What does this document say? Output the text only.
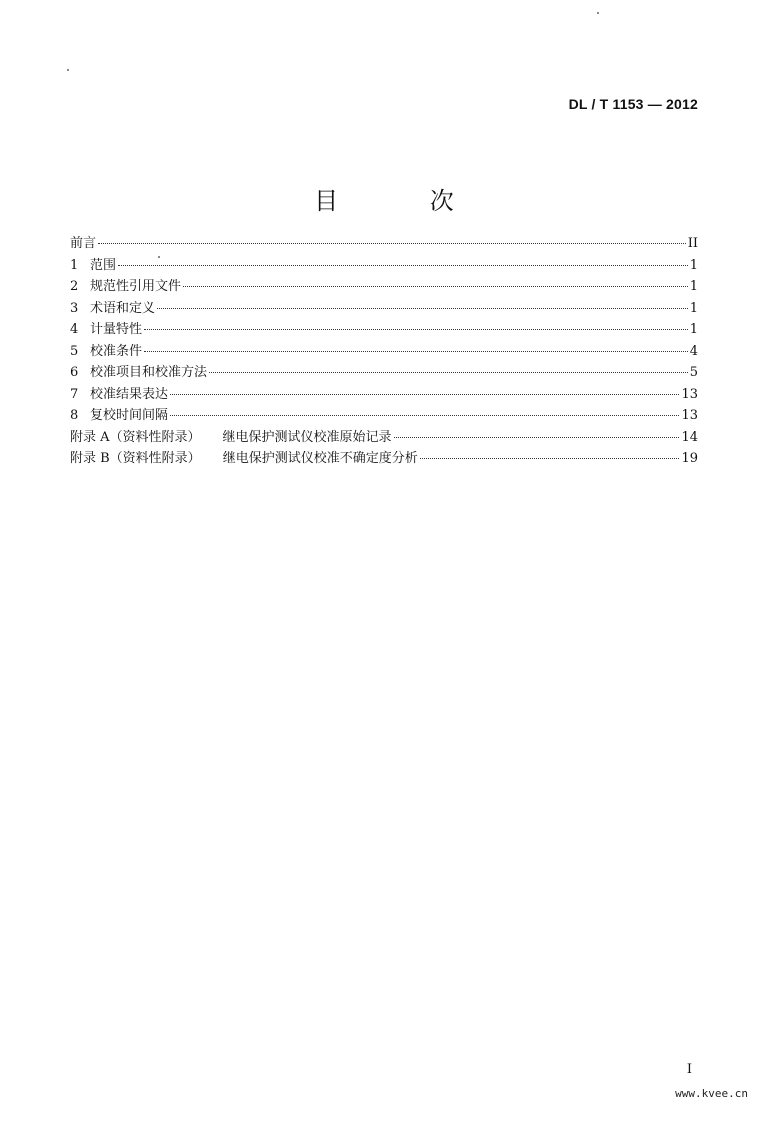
DL / T 1153 — 2012
目 次
前言	II
1 范围	1
2 规范性引用文件	1
3 术语和定义	1
4 计量特性	1
5 校准条件	4
6 校准项目和校准方法	5
7 校准结果表达	13
8 复校时间间隔	13
附录 A（资料性附录） 继电保护测试仪校准原始记录	14
附录 B（资料性附录） 继电保护测试仪校准不确定度分析	19
I
www.kvee.cn
